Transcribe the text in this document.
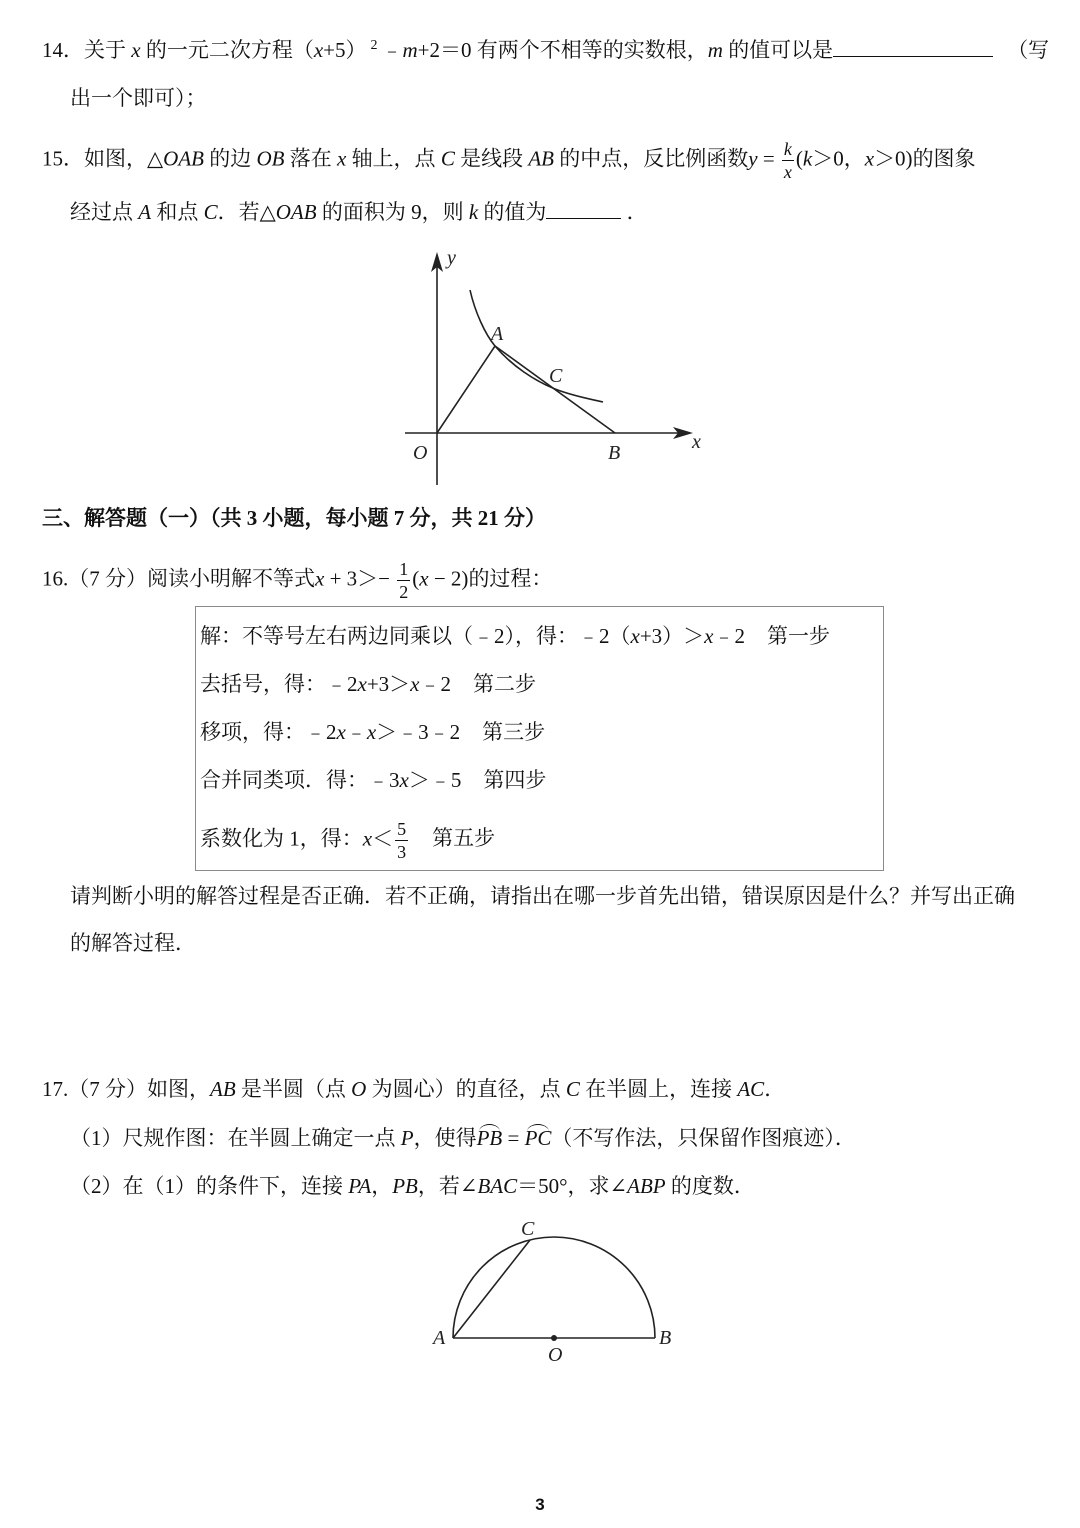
14．关于 x 的一元二次方程（x+5） $^2$ ﹣m+2＝0 有两个不相等的实数根，m 的值可以是	（写
出一个即可）；
15．如图，△OAB 的边 OB 落在 x 轴上，点 C 是线段 AB 的中点，反比例函数$y = \frac{k}{x} (k>0$，x＞0)的图象
经过点 A 和点 C．若△OAB 的面积为 9，则 k 的值为	．
y
x
O
A
B
C
三、解答题（一）（共 3 小题，每小题 7 分，共 21 分）
16.（7 分）阅读小明解不等式$x + 3>- \frac{1}{2} (x - 2)$的过程：
解：不等号左右两边同乘以（﹣2），得：﹣2（x+3）＞x﹣2 第一步
去括号，得：﹣2x+3＞x﹣2 第二步
移项，得：﹣2x﹣x＞﹣3﹣2 第三步
合并同类项．得：﹣3x＞﹣5 第四步
系数化为 1，得：$x< \frac{5}{3}$ 第五步
请判断小明的解答过程是否正确．若不正确，请指出在哪一步首先出错，错误原因是什么？并写出正确
的解答过程．
17.（7 分）如图，AB 是半圆（点 O 为圆心）的直径，点 C 在半圆上，连接 AC．
（1）尺规作图：在半圆上确定一点 P，使得PB = PC（不写作法，只保留作图痕迹）．
（2）在（1）的条件下，连接 PA，PB，若∠BAC＝50°，求∠ABP 的度数．
A	B
O
C
3
